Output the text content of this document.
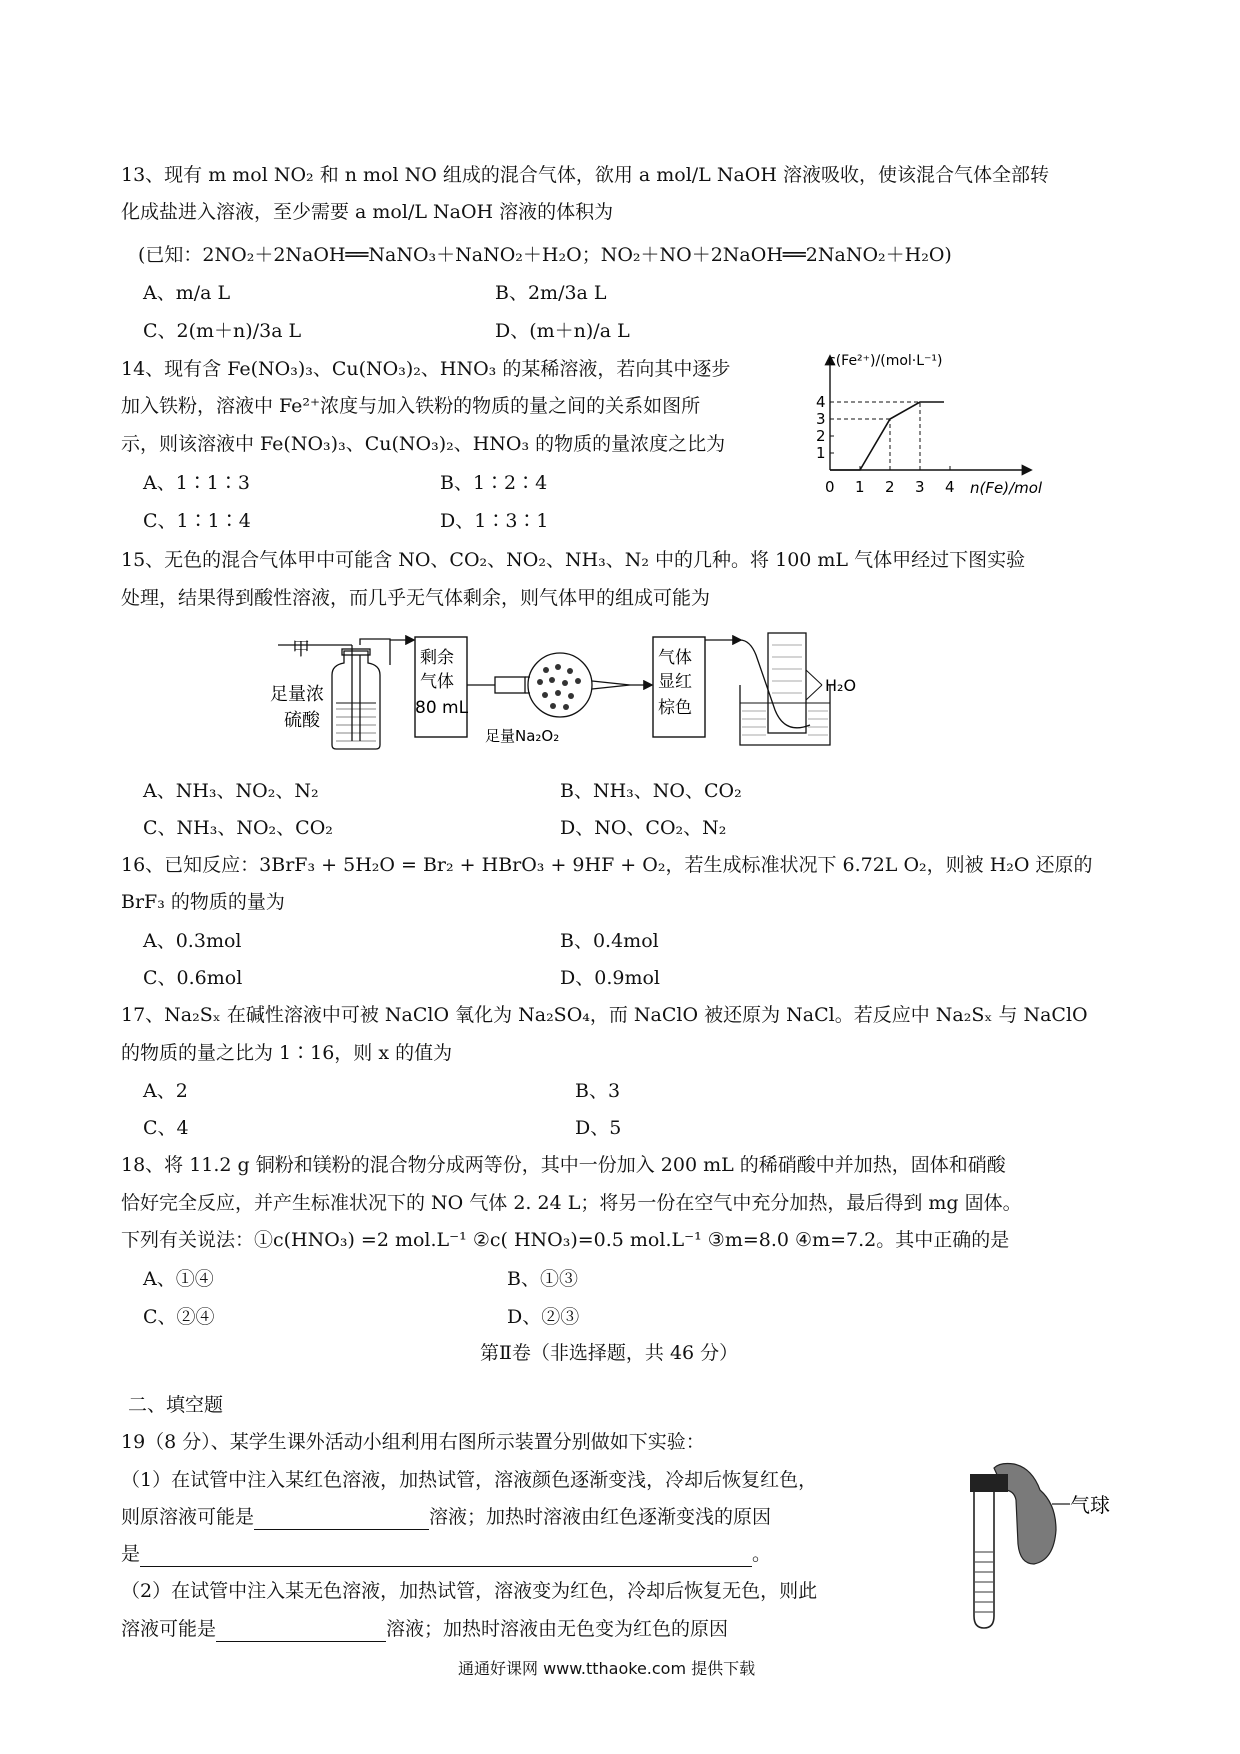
13、现有 m mol NO₂ 和 n mol NO 组成的混合气体，欲用 a mol/L NaOH 溶液吸收，使该混合气体全部转
化成盐进入溶液，至少需要 a mol/L NaOH 溶液的体积为
(已知：2NO₂＋2NaOH══NaNO₃＋NaNO₂＋H₂O；NO₂＋NO＋2NaOH══2NaNO₂＋H₂O)
A、m/a L	B、2m/3a L
C、2(m＋n)/3a L	D、(m＋n)/a L
14、现有含 Fe(NO₃)₃、Cu(NO₃)₂、HNO₃ 的某稀溶液，若向其中逐步
加入铁粉，溶液中 Fe²⁺浓度与加入铁粉的物质的量之间的关系如图所
示，则该溶液中 Fe(NO₃)₃、Cu(NO₃)₂、HNO₃ 的物质的量浓度之比为
A、1∶1∶3	B、1∶2∶4
C、1∶1∶4	D、1∶3∶1
c(Fe²⁺)/(mol·L⁻¹)
n(Fe)/mol
0 1 2 3 4
1
2
3
4
15、无色的混合气体甲中可能含 NO、CO₂、NO₂、NH₃、N₂ 中的几种。将 100 mL 气体甲经过下图实验
处理，结果得到酸性溶液，而几乎无气体剩余，则气体甲的组成可能为
甲
足量浓
硫酸
剩余
气体
80 mL
足量Na₂O₂
气体
显红
棕色
H₂O
A、NH₃、NO₂、N₂	B、NH₃、NO、CO₂
C、NH₃、NO₂、CO₂	D、NO、CO₂、N₂
16、已知反应：3BrF₃ + 5H₂O = Br₂ + HBrO₃ + 9HF + O₂，若生成标准状况下 6.72L O₂，则被 H₂O 还原的
BrF₃ 的物质的量为
A、0.3mol	B、0.4mol
C、0.6mol	D、0.9mol
17、Na₂Sₓ 在碱性溶液中可被 NaClO 氧化为 Na₂SO₄，而 NaClO 被还原为 NaCl。若反应中 Na₂Sₓ 与 NaClO
的物质的量之比为 1∶16，则 x 的值为
A、2	B、3
C、4	D、5
18、将 11.2 g 铜粉和镁粉的混合物分成两等份，其中一份加入 200 mL 的稀硝酸中并加热，固体和硝酸
恰好完全反应，并产生标准状况下的 NO 气体 2. 24 L；将另一份在空气中充分加热，最后得到 mg 固体。
下列有关说法：①c(HNO₃) =2 mol.L⁻¹ ②c( HNO₃)=0.5 mol.L⁻¹ ③m=8.0 ④m=7.2。其中正确的是
A、①④	B、①③
C、②④	D、②③
第Ⅱ卷（非选择题，共 46 分）
二、填空题
19（8 分）、某学生课外活动小组利用右图所示装置分别做如下实验：
（1）在试管中注入某红色溶液，加热试管，溶液颜色逐渐变浅，冷却后恢复红色，
则原溶液可能是	溶液；加热时溶液由红色逐渐变浅的原因
是	。
（2）在试管中注入某无色溶液，加热试管，溶液变为红色，冷却后恢复无色，则此
溶液可能是	溶液；加热时溶液由无色变为红色的原因
气球
通通好课网 www.tthaoke.com 提供下载
